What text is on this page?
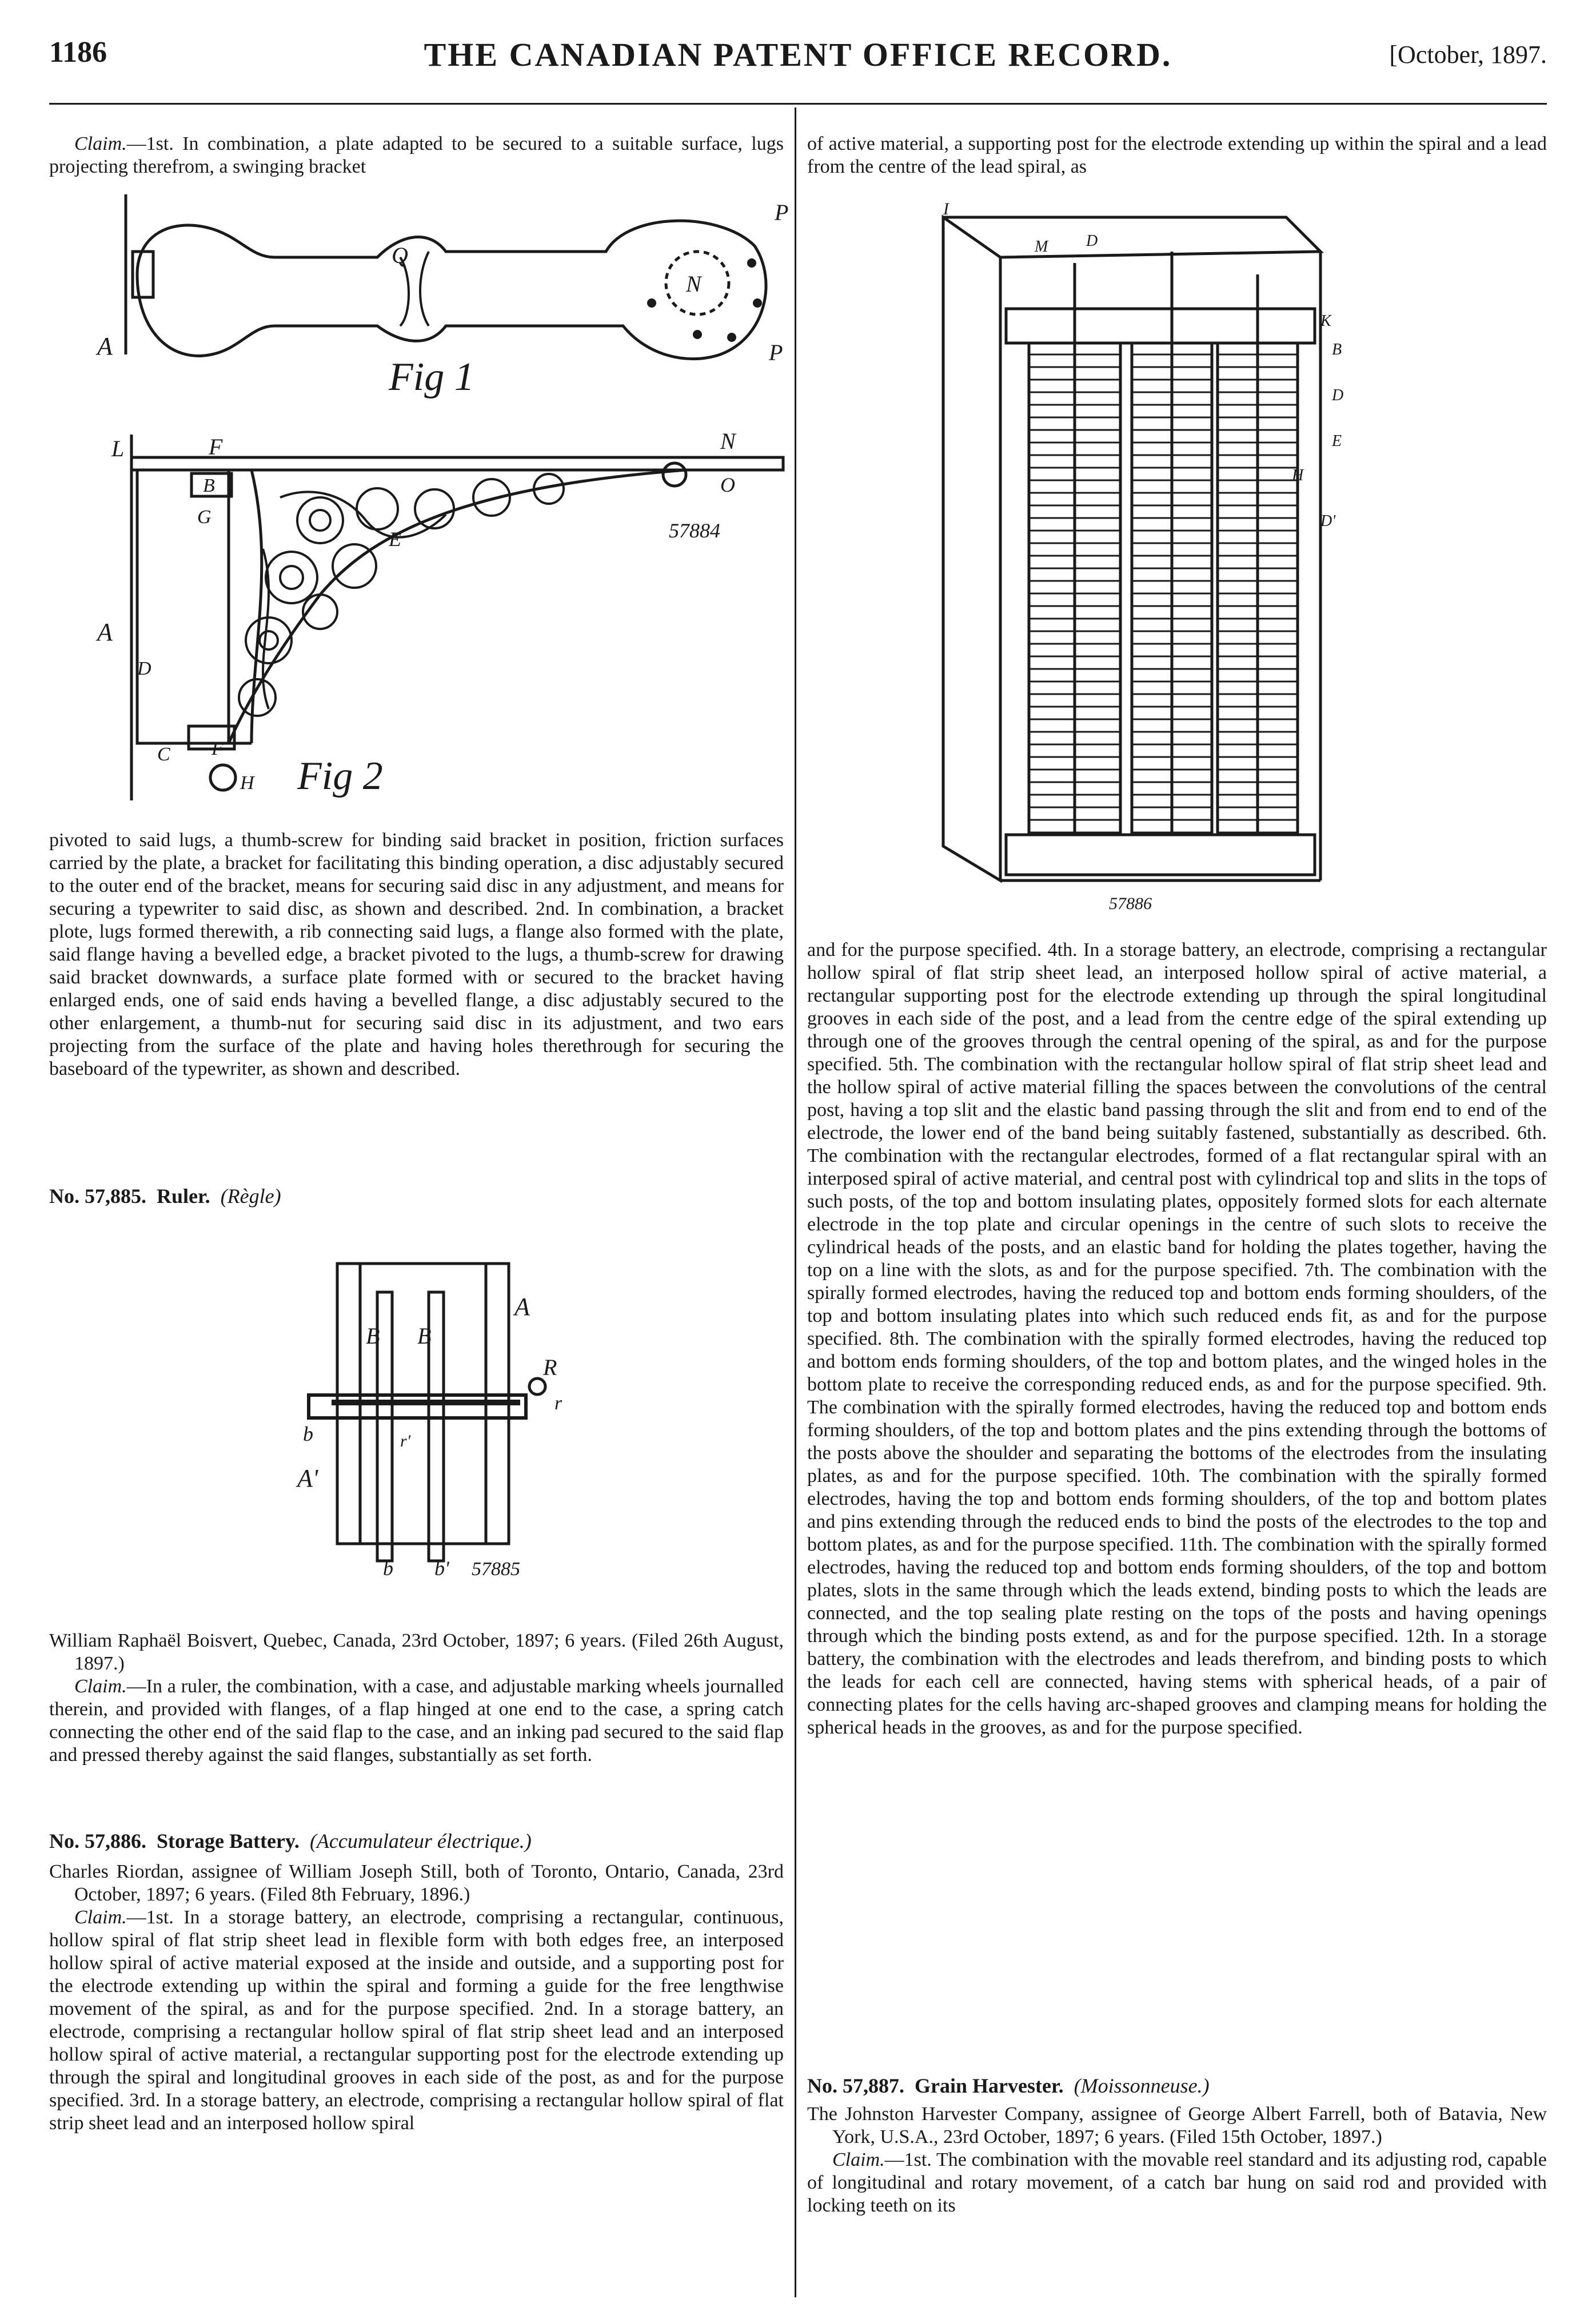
1186	THE CANADIAN PATENT OFFICE RECORD.	[October, 1897.

Claim.—1st. In combination, a plate adapted to be secured to a suitable surface, lugs projecting therefrom, a swinging bracket

A
Q
N
P
P
Fig 1
L	F
B
G
E
N
O
57884
A
D
C F
H Fig 2

pivoted to said lugs, a thumb-screw for binding said bracket in position, friction surfaces carried by the plate, a bracket for facilitating this binding operation, a disc adjustably secured to the outer end of the bracket, means for securing said disc in any adjustment, and means for securing a typewriter to said disc, as shown and described. 2nd. In combination, a bracket plote, lugs formed therewith, a rib connecting said lugs, a flange also formed with the plate, said flange having a bevelled edge, a bracket pivoted to the lugs, a thumb-screw for drawing said bracket downwards, a surface plate formed with or secured to the bracket having enlarged ends, one of said ends having a bevelled flange, a disc adjustably secured to the other enlargement, a thumb-nut for securing said disc in its adjustment, and two ears projecting from the surface of the plate and having holes therethrough for securing the baseboard of the typewriter, as shown and described.

No. 57,885. Ruler. (Règle)

A
B B
R
r
b
A'
r'
b b' 57885

William Raphaël Boisvert, Quebec, Canada, 23rd October, 1897; 6 years. (Filed 26th August, 1897.)

Claim.—In a ruler, the combination, with a case, and adjustable marking wheels journalled therein, and provided with flanges, of a flap hinged at one end to the case, a spring catch connecting the other end of the said flap to the case, and an inking pad secured to the said flap and pressed thereby against the said flanges, substantially as set forth.

No. 57,886. Storage Battery. (Accumulateur électrique.)

Charles Riordan, assignee of William Joseph Still, both of Toronto, Ontario, Canada, 23rd October, 1897; 6 years. (Filed 8th February, 1896.)

Claim.—1st. In a storage battery, an electrode, comprising a rectangular, continuous, hollow spiral of flat strip sheet lead in flexible form with both edges free, an interposed hollow spiral of active material exposed at the inside and outside, and a supporting post for the electrode extending up within the spiral and forming a guide for the free lengthwise movement of the spiral, as and for the purpose specified. 2nd. In a storage battery, an electrode, comprising a rectangular hollow spiral of flat strip sheet lead and an interposed hollow spiral of active material, a rectangular supporting post for the electrode extending up through the spiral and longitudinal grooves in each side of the post, as and for the purpose specified. 3rd. In a storage battery, an electrode, comprising a rectangular hollow spiral of flat strip sheet lead and an interposed hollow spiral

of active material, a supporting post for the electrode extending up within the spiral and a lead from the centre of the lead spiral, as

I
M D
K
B
D
E
H
D'
57886

and for the purpose specified. 4th. In a storage battery, an electrode, comprising a rectangular hollow spiral of flat strip sheet lead, an interposed hollow spiral of active material, a rectangular supporting post for the electrode extending up through the spiral longitudinal grooves in each side of the post, and a lead from the centre edge of the spiral extending up through one of the grooves through the central opening of the spiral, as and for the purpose specified. 5th. The combination with the rectangular hollow spiral of flat strip sheet lead and the hollow spiral of active material filling the spaces between the convolutions of the central post, having a top slit and the elastic band passing through the slit and from end to end of the electrode, the lower end of the band being suitably fastened, substantially as described. 6th. The combination with the rectangular electrodes, formed of a flat rectangular spiral with an interposed spiral of active material, and central post with cylindrical top and slits in the tops of such posts, of the top and bottom insulating plates, oppositely formed slots for each alternate electrode in the top plate and circular openings in the centre of such slots to receive the cylindrical heads of the posts, and an elastic band for holding the plates together, having the top on a line with the slots, as and for the purpose specified. 7th. The combination with the spirally formed electrodes, having the reduced top and bottom ends forming shoulders, of the top and bottom insulating plates into which such reduced ends fit, as and for the purpose specified. 8th. The combination with the spirally formed electrodes, having the reduced top and bottom ends forming shoulders, of the top and bottom plates, and the winged holes in the bottom plate to receive the corresponding reduced ends, as and for the purpose specified. 9th. The combination with the spirally formed electrodes, having the reduced top and bottom ends forming shoulders, of the top and bottom plates and the pins extending through the bottoms of the posts above the shoulder and separating the bottoms of the electrodes from the insulating plates, as and for the purpose specified. 10th. The combination with the spirally formed electrodes, having the top and bottom ends forming shoulders, of the top and bottom plates and pins extending through the reduced ends to bind the posts of the electrodes to the top and bottom plates, as and for the purpose specified. 11th. The combination with the spirally formed electrodes, having the reduced top and bottom ends forming shoulders, of the top and bottom plates, slots in the same through which the leads extend, binding posts to which the leads are connected, and the top sealing plate resting on the tops of the posts and having openings through which the binding posts extend, as and for the purpose specified. 12th. In a storage battery, the combination with the electrodes and leads therefrom, and binding posts to which the leads for each cell are connected, having stems with spherical heads, of a pair of connecting plates for the cells having arc-shaped grooves and clamping means for holding the spherical heads in the grooves, as and for the purpose specified.

No. 57,887. Grain Harvester. (Moissonneuse.)

The Johnston Harvester Company, assignee of George Albert Farrell, both of Batavia, New York, U.S.A., 23rd October, 1897; 6 years. (Filed 15th October, 1897.)

Claim.—1st. The combination with the movable reel standard and its adjusting rod, capable of longitudinal and rotary movement, of a catch bar hung on said rod and provided with locking teeth on its
